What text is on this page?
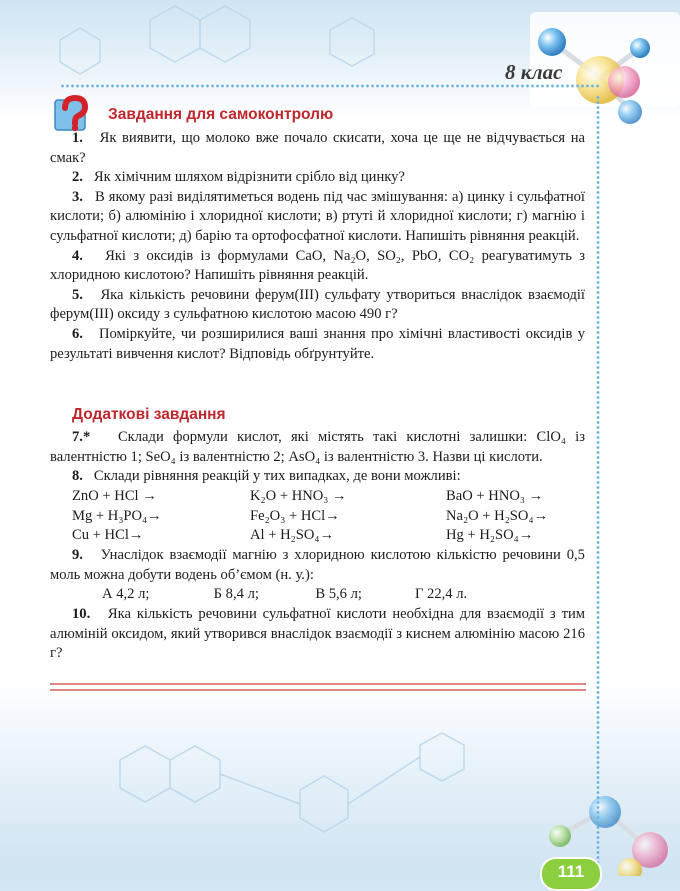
8 клас
Завдання для самоконтролю

1. Як виявити, що молоко вже почало скисати, хоча це ще не відчувається на смак?

2. Як хімічним шляхом відрізнити срібло від цинку?

3. В якому разі виділятиметься водень під час змішування: а) цинку і сульфатної кислоти; б) алюмінію і хлоридної кислоти; в) ртуті й хлоридної кислоти; г) магнію і сульфатної кислоти; д) барію та ортофосфатної кислоти. Напишіть рівняння реакцій.

4. Які з оксидів із формулами CaO, Na₂O, SO₂, PbO, CO₂ реагуватимуть з хлоридною кислотою? Напишіть рівняння реакцій.

5. Яка кількість речовини ферум(ІІІ) сульфату утвориться внаслідок взаємодії ферум(ІІІ) оксиду з сульфатною кислотою масою 490 г?

6. Поміркуйте, чи розширилися ваші знання про хімічні властивості оксидів у результаті вивчення кислот? Відповідь обґрунтуйте.

Додаткові завдання

7.* Склади формули кислот, які містять такі кислотні залишки: ClO₄ із валентністю 1; SeO₄ із валентністю 2; AsO₄ із валентністю 3. Назви ці кислоти.

8. Склади рівняння реакцій у тих випадках, де вони можливі:

ZnO + HCl →	K₂O + HNO₃ →	BaO + HNO₃ →
Mg + H₃PO₄→	Fe₂O₃ + HCl→	Na₂O + H₂SO₄→
Cu + HCl→	Al + H₂SO₄→	Hg + H₂SO₄→

9. Унаслідок взаємодії магнію з хлоридною кислотою кількістю речовини 0,5 моль можна добути водень об’ємом (н. у.):

А 4,2 л;	Б 8,4 л;	В 5,6 л;	Г 22,4 л.

10. Яка кількість речовини сульфатної кислоти необхідна для взаємодії з тим алюміній оксидом, який утворився внаслідок взаємодії з киснем алюмінію масою 216 г?

111
